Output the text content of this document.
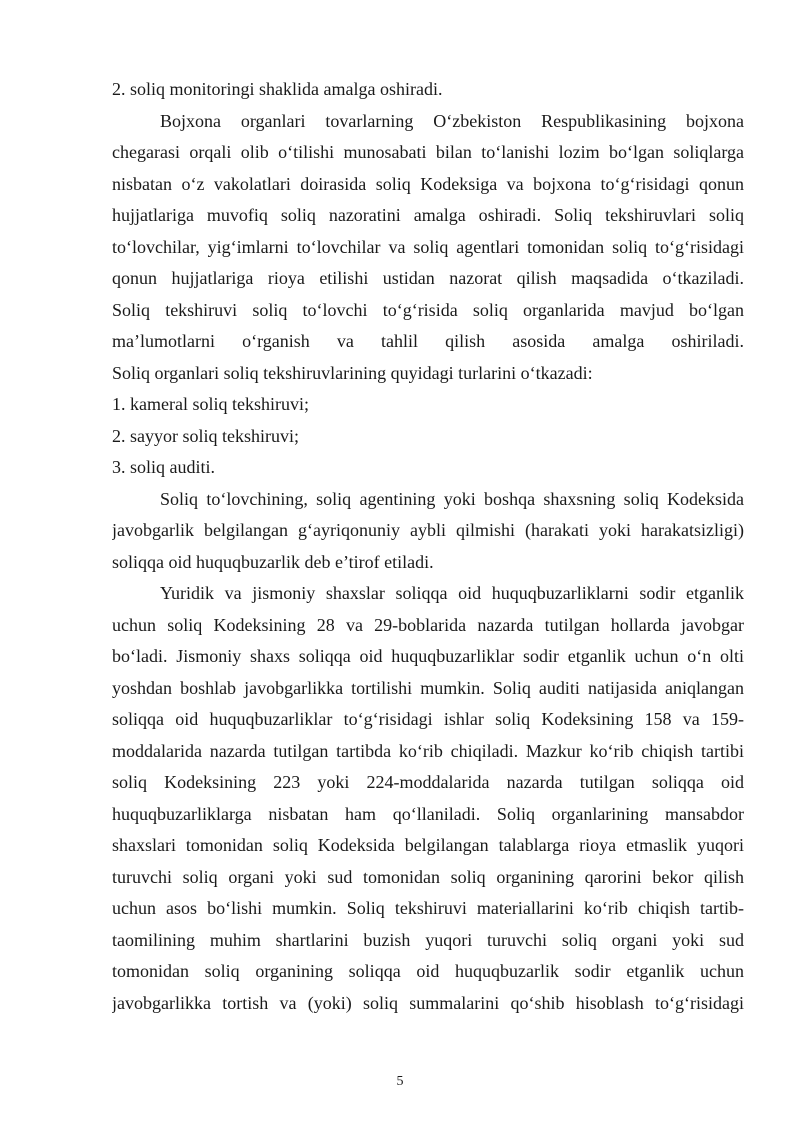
2. soliq monitoringi shaklida amalga oshiradi.
Bojxona organlari tovarlarning O‘zbekiston Respublikasining bojxona
chegarasi orqali olib o‘tilishi munosabati bilan to‘lanishi lozim bo‘lgan soliqlarga
nisbatan o‘z vakolatlari doirasida soliq Kodeksiga va bojxona to‘g‘risidagi qonun
hujjatlariga muvofiq soliq nazoratini amalga oshiradi. Soliq tekshiruvlari soliq
to‘lovchilar, yig‘imlarni to‘lovchilar va soliq agentlari tomonidan soliq to‘g‘risidagi
qonun hujjatlariga rioya etilishi ustidan nazorat qilish maqsadida o‘tkaziladi.
Soliq tekshiruvi soliq to‘lovchi to‘g‘risida soliq organlarida mavjud bo‘lgan
ma’lumotlarni o‘rganish va tahlil qilish asosida amalga oshiriladi.
Soliq organlari soliq tekshiruvlarining quyidagi turlarini o‘tkazadi:
1. kameral soliq tekshiruvi;
2. sayyor soliq tekshiruvi;
3. soliq auditi.
Soliq to‘lovchining, soliq agentining yoki boshqa shaxsning soliq Kodeksida
javobgarlik belgilangan g‘ayriqonuniy aybli qilmishi (harakati yoki harakatsizligi)
soliqqa oid huquqbuzarlik deb e’tirof etiladi.
Yuridik va jismoniy shaxslar soliqqa oid huquqbuzarliklarni sodir etganlik
uchun soliq Kodeksining 28 va 29-boblarida nazarda tutilgan hollarda javobgar
bo‘ladi. Jismoniy shaxs soliqqa oid huquqbuzarliklar sodir etganlik uchun o‘n olti
yoshdan boshlab javobgarlikka tortilishi mumkin. Soliq auditi natijasida aniqlangan
soliqqa oid huquqbuzarliklar to‘g‘risidagi ishlar soliq Kodeksining 158 va 159-
moddalarida nazarda tutilgan tartibda ko‘rib chiqiladi. Mazkur ko‘rib chiqish tartibi
soliq Kodeksining 223 yoki 224-moddalarida nazarda tutilgan soliqqa oid
huquqbuzarliklarga nisbatan ham qo‘llaniladi. Soliq organlarining mansabdor
shaxslari tomonidan soliq Kodeksida belgilangan talablarga rioya etmaslik yuqori
turuvchi soliq organi yoki sud tomonidan soliq organining qarorini bekor qilish
uchun asos bo‘lishi mumkin. Soliq tekshiruvi materiallarini ko‘rib chiqish tartib-
taomilining muhim shartlarini buzish yuqori turuvchi soliq organi yoki sud
tomonidan soliq organining soliqqa oid huquqbuzarlik sodir etganlik uchun
javobgarlikka tortish va (yoki) soliq summalarini qo‘shib hisoblash to‘g‘risidagi
5
